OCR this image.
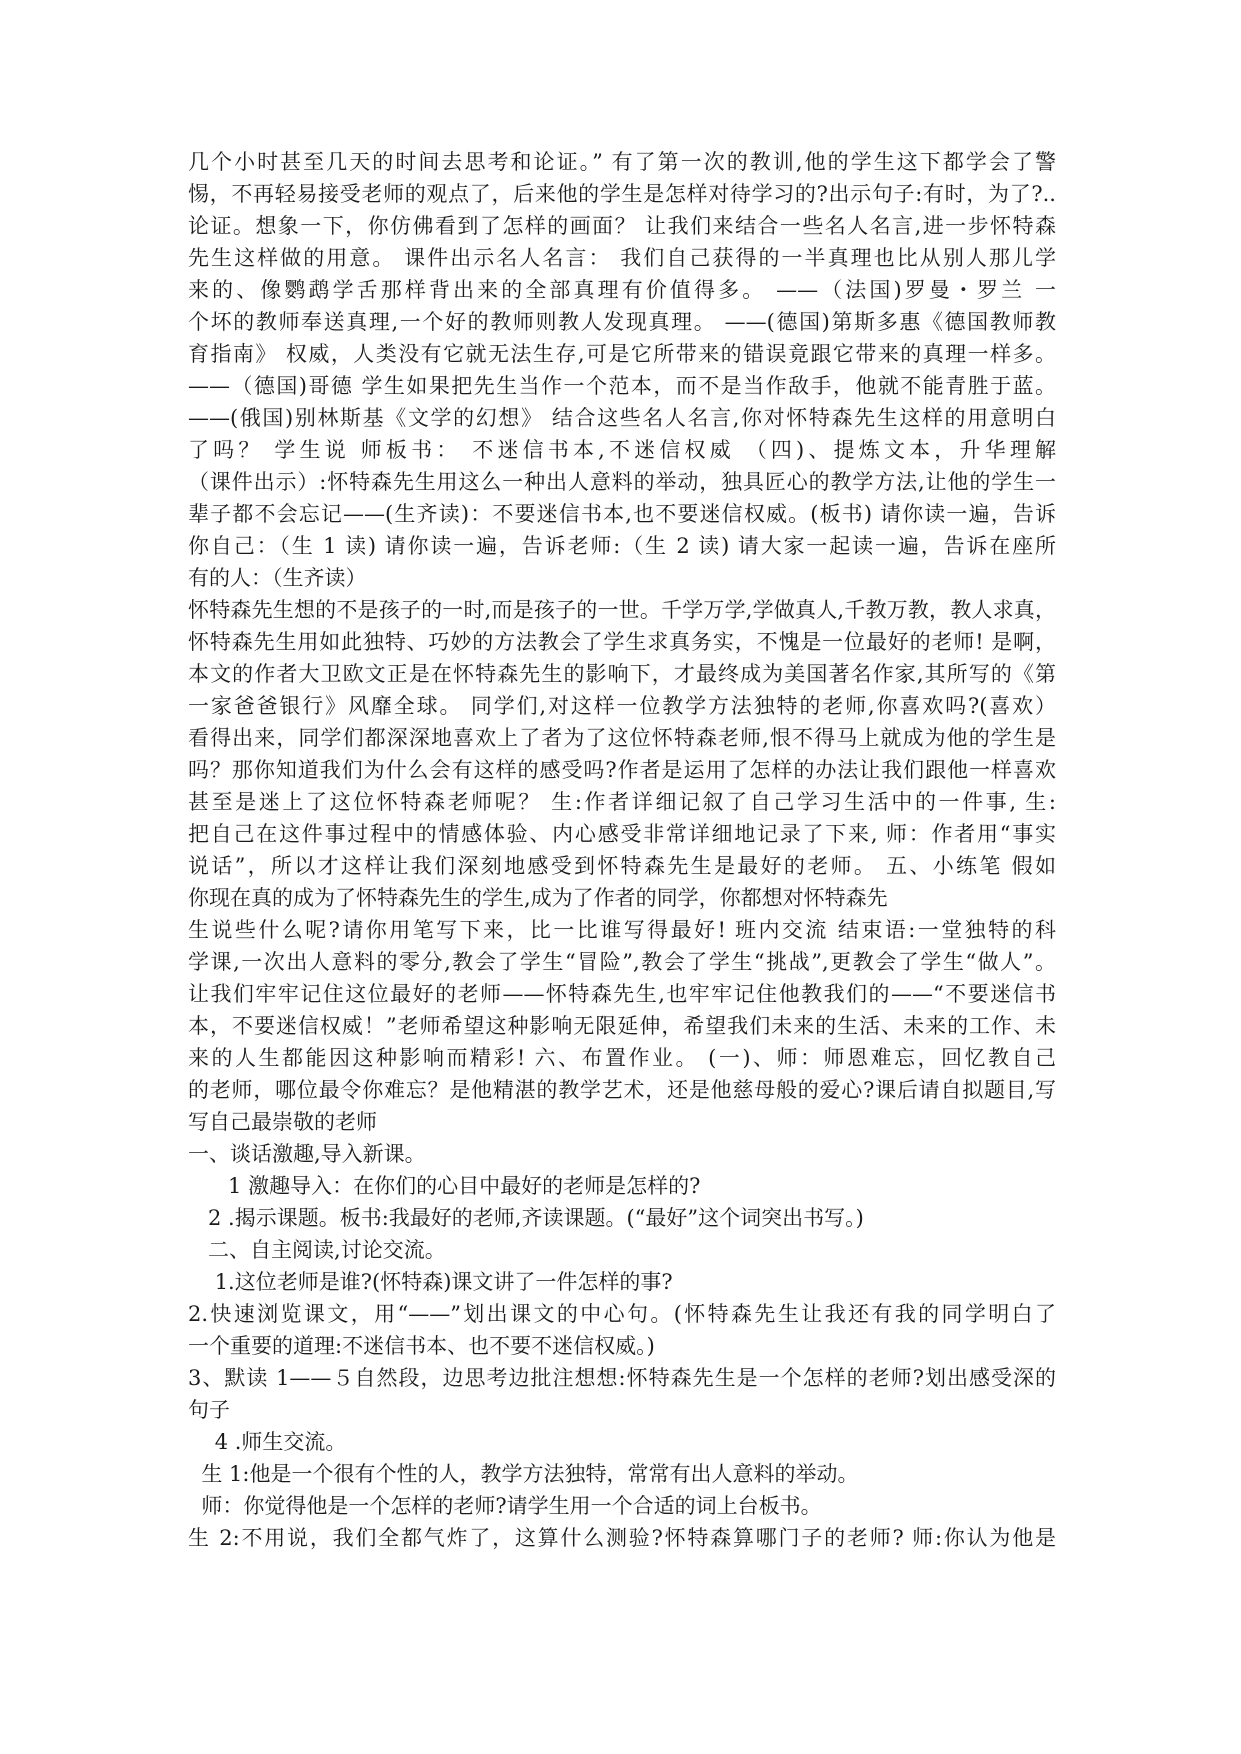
几个小时甚至几天的时间去思考和论证。” 有了第一次的教训,他的学生这下都学会了警
惕，不再轻易接受老师的观点了，后来他的学生是怎样对待学习的?出示句子:有时，为了?..
论证。想象一下，你仿佛看到了怎样的画面？ 让我们来结合一些名人名言,进一步怀特森
先生这样做的用意。 课件出示名人名言： 我们自己获得的一半真理也比从别人那儿学
来的、像鹦鹉学舌那样背出来的全部真理有价值得多。 ——（法国)罗曼・罗兰 一
个坏的教师奉送真理,一个好的教师则教人发现真理。 ——(德国)第斯多惠《德国教师教
育指南》 权威，人类没有它就无法生存,可是它所带来的错误竟跟它带来的真理一样多。
——（德国)哥德 学生如果把先生当作一个范本，而不是当作敌手，他就不能青胜于蓝。
——(俄国)别林斯基《文学的幻想》 结合这些名人名言,你对怀特森先生这样的用意明白
了吗？ 学生说 师板书： 不迷信书本,不迷信权威 （四)、提炼文本，升华理解
（课件出示）:怀特森先生用这么一种出人意料的举动，独具匠心的教学方法,让他的学生一
辈子都不会忘记——(生齐读)：不要迷信书本,也不要迷信权威。(板书) 请你读一遍，告诉
你自己：（生 1 读) 请你读一遍，告诉老师:（生 2 读) 请大家一起读一遍，告诉在座所
有的人：（生齐读）
怀特森先生想的不是孩子的一时,而是孩子的一世。千学万学,学做真人,千教万教，教人求真，
怀特森先生用如此独特、巧妙的方法教会了学生求真务实，不愧是一位最好的老师! 是啊，
本文的作者大卫欧文正是在怀特森先生的影响下，才最终成为美国著名作家,其所写的《第
一家爸爸银行》风靡全球。 同学们,对这样一位教学方法独特的老师,你喜欢吗?(喜欢）
看得出来，同学们都深深地喜欢上了者为了这位怀特森老师,恨不得马上就成为他的学生是
吗？那你知道我们为什么会有这样的感受吗?作者是运用了怎样的办法让我们跟他一样喜欢
甚至是迷上了这位怀特森老师呢？ 生:作者详细记叙了自己学习生活中的一件事, 生:
把自己在这件事过程中的情感体验、内心感受非常详细地记录了下来, 师：作者用“事实
说话”，所以才这样让我们深刻地感受到怀特森先生是最好的老师。 五、小练笔 假如
你现在真的成为了怀特森先生的学生,成为了作者的同学，你都想对怀特森先
生说些什么呢?请你用笔写下来，比一比谁写得最好! 班内交流 结束语:一堂独特的科
学课,一次出人意料的零分,教会了学生“冒险”,教会了学生“挑战”,更教会了学生“做人”。
让我们牢牢记住这位最好的老师——怀特森先生,也牢牢记住他教我们的——“不要迷信书
本，不要迷信权威！”老师希望这种影响无限延伸，希望我们未来的生活、未来的工作、未
来的人生都能因这种影响而精彩! 六、布置作业。 (一)、师：师恩难忘，回忆教自己
的老师，哪位最令你难忘？是他精湛的教学艺术，还是他慈母般的爱心?课后请自拟题目,写
写自己最崇敬的老师
一、谈话激趣,导入新课。
1 激趣导入：在你们的心目中最好的老师是怎样的?
2 .揭示课题。板书:我最好的老师,齐读课题。(“最好”这个词突出书写。)
二、自主阅读,讨论交流。
1.这位老师是谁?(怀特森)课文讲了一件怎样的事?
2.快速浏览课文，用“——”划出课文的中心句。(怀特森先生让我还有我的同学明白了
一个重要的道理:不迷信书本、也不要不迷信权威。)
3、默读 1——５自然段，边思考边批注想想:怀特森先生是一个怎样的老师?划出感受深的
句子
4 .师生交流。
生 1:他是一个很有个性的人，教学方法独特，常常有出人意料的举动。
师：你觉得他是一个怎样的老师?请学生用一个合适的词上台板书。
生 2:不用说，我们全都气炸了，这算什么测验?怀特森算哪门子的老师? 师:你认为他是
